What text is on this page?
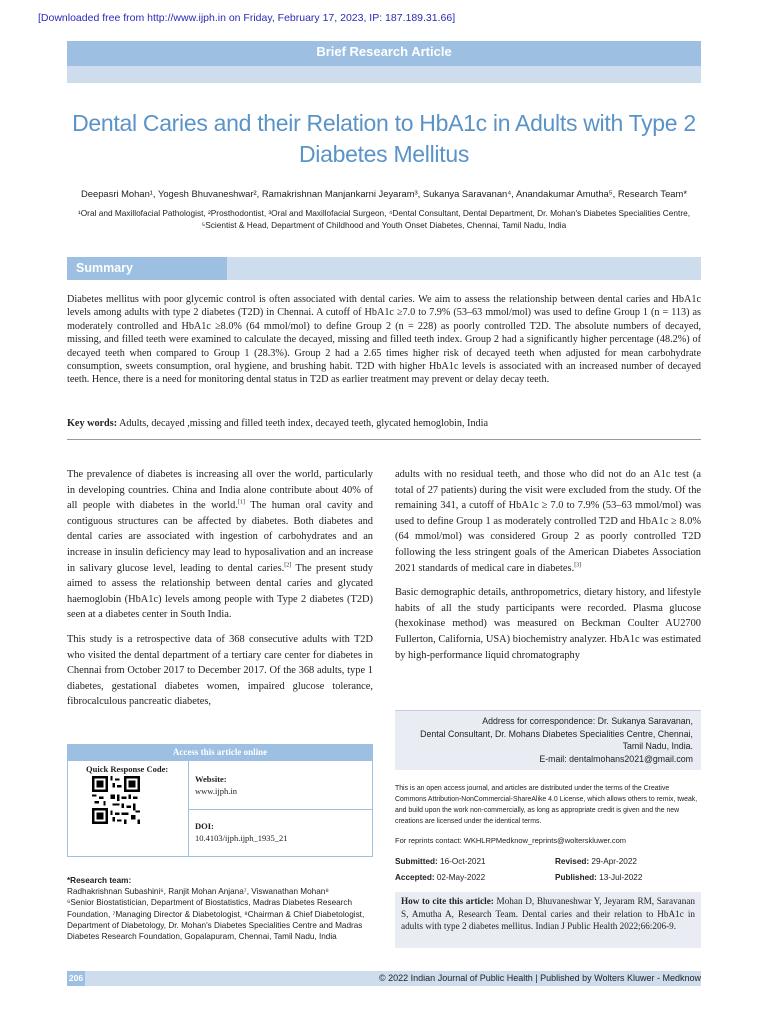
[Downloaded free from http://www.ijph.in on Friday, February 17, 2023, IP: 187.189.31.66]
Brief Research Article
Dental Caries and their Relation to HbA1c in Adults with Type 2 Diabetes Mellitus
Deepasri Mohan¹, Yogesh Bhuvaneshwar², Ramakrishnan Manjankarni Jeyaram³, Sukanya Saravanan⁴, Anandakumar Amutha⁵, Research Team*
¹Oral and Maxillofacial Pathologist, ²Prosthodontist, ³Oral and Maxillofacial Surgeon, ⁴Dental Consultant, Dental Department, Dr. Mohan's Diabetes Specialities Centre,
⁵Scientist & Head, Department of Childhood and Youth Onset Diabetes, Chennai, Tamil Nadu, India
Summary
Diabetes mellitus with poor glycemic control is often associated with dental caries. We aim to assess the relationship between dental caries and HbA1c levels among adults with type 2 diabetes (T2D) in Chennai. A cutoff of HbA1c ≥7.0 to 7.9% (53–63 mmol/mol) was used to define Group 1 (n = 113) as moderately controlled and HbA1c ≥8.0% (64 mmol/mol) to define Group 2 (n = 228) as poorly controlled T2D. The absolute numbers of decayed, missing, and filled teeth were examined to calculate the decayed, missing and filled teeth index. Group 2 had a significantly higher percentage (48.2%) of decayed teeth when compared to Group 1 (28.3%). Group 2 had a 2.65 times higher risk of decayed teeth when adjusted for mean carbohydrate consumption, sweets consumption, oral hygiene, and brushing habit. T2D with higher HbA1c levels is associated with an increased number of decayed teeth. Hence, there is a need for monitoring dental status in T2D as earlier treatment may prevent or delay decay teeth.
Key words: Adults, decayed ,missing and filled teeth index, decayed teeth, glycated hemoglobin, India

The prevalence of diabetes is increasing all over the world, particularly in developing countries. China and India alone contribute about 40% of all people with diabetes in the world.[1] The human oral cavity and contiguous structures can be affected by diabetes. Both diabetes and dental caries are associated with ingestion of carbohydrates and an increase in insulin deficiency may lead to hyposalivation and an increase in salivary glucose level, leading to dental caries.[2] The present study aimed to assess the relationship between dental caries and glycated haemoglobin (HbA1c) levels among people with Type 2 diabetes (T2D) seen at a diabetes center in South India.

This study is a retrospective data of 368 consecutive adults with T2D who visited the dental department of a tertiary care center for diabetes in Chennai from October 2017 to December 2017. Of the 368 adults, type 1 diabetes, gestational diabetes women, impaired glucose tolerance, fibrocalculous pancreatic diabetes,

adults with no residual teeth, and those who did not do an A1c test (a total of 27 patients) during the visit were excluded from the study. Of the remaining 341, a cutoff of HbA1c ≥ 7.0 to 7.9% (53–63 mmol/mol) was used to define Group 1 as moderately controlled T2D and HbA1c ≥ 8.0% (64 mmol/mol) was considered Group 2 as poorly controlled T2D following the less stringent goals of the American Diabetes Association 2021 standards of medical care in diabetes.[3]

Basic demographic details, anthropometrics, dietary history, and lifestyle habits of all the study participants were recorded. Plasma glucose (hexokinase method) was measured on Beckman Coulter AU2700 Fullerton, California, USA) biochemistry analyzer. HbA1c was estimated by high-performance liquid chromatography

Access this article online
Quick Response Code:
Website:
www.ijph.in
DOI:
10.4103/ijph.ijph_1935_21
*Research team:
Radhakrishnan Subashini⁶, Ranjit Mohan Anjana⁷, Viswanathan Mohan⁸
⁶Senior Biostatistician, Department of Biostatistics, Madras Diabetes Research Foundation, ⁷Managing Director & Diabetologist, ⁸Chairman & Chief Diabetologist, Department of Diabetology, Dr. Mohan's Diabetes Specialities Centre and Madras Diabetes Research Foundation, Gopalapuram, Chennai, Tamil Nadu, India
Address for correspondence: Dr. Sukanya Saravanan,
Dental Consultant, Dr. Mohans Diabetes Specialities Centre, Chennai,
Tamil Nadu, India.
E-mail: dentalmohans2021@gmail.com
This is an open access journal, and articles are distributed under the terms of the Creative Commons Attribution-NonCommercial-ShareAlike 4.0 License, which allows others to remix, tweak, and build upon the work non-commercially, as long as appropriate credit is given and the new creations are licensed under the identical terms.
For reprints contact: WKHLRPMedknow_reprints@wolterskluwer.com
Submitted: 16-Oct-2021	Revised: 29-Apr-2022
Accepted: 02-May-2022	Published: 13-Jul-2022
How to cite this article: Mohan D, Bhuvaneshwar Y, Jeyaram RM, Saravanan S, Amutha A, Research Team. Dental caries and their relation to HbA1c in adults with type 2 diabetes mellitus. Indian J Public Health 2022;66:206-9.
206	© 2022 Indian Journal of Public Health | Published by Wolters Kluwer - Medknow
